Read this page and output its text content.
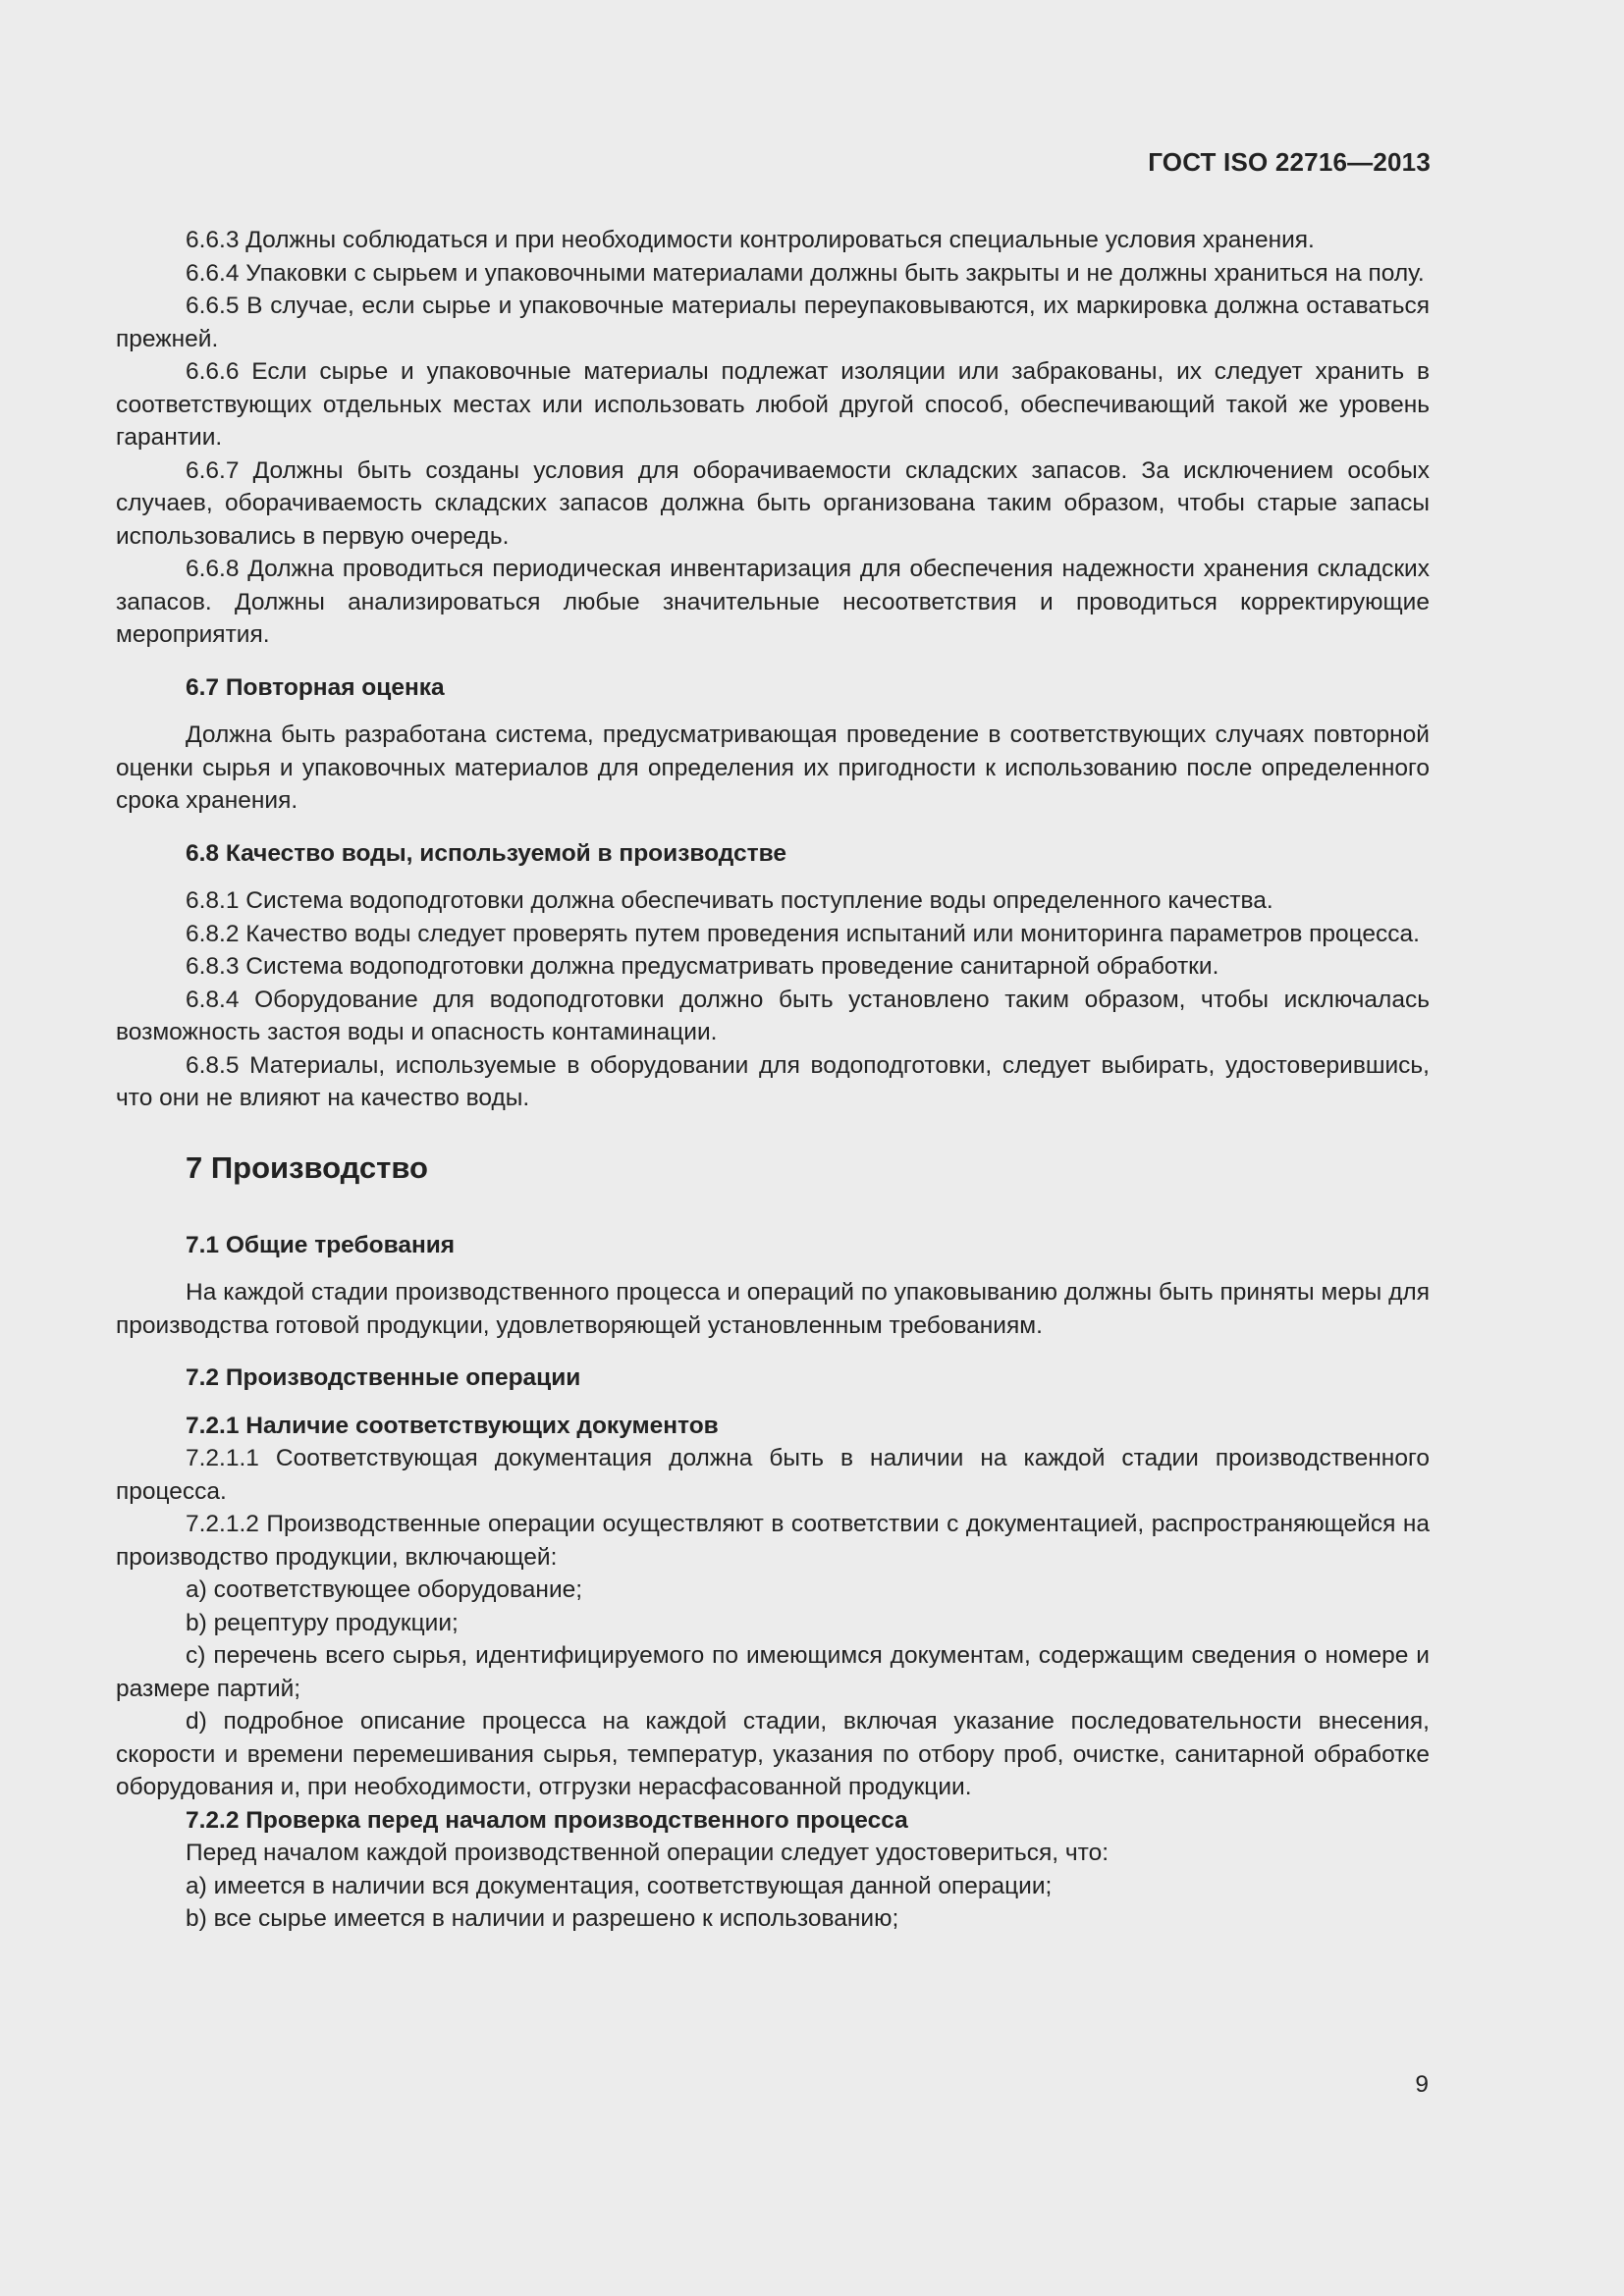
ГОСТ ISO 22716—2013

6.6.3 Должны соблюдаться и при необходимости контролироваться специальные условия хранения.

6.6.4 Упаковки с сырьем и упаковочными материалами должны быть закрыты и не должны храниться на полу.

6.6.5 В случае, если сырье и упаковочные материалы переупаковываются, их маркировка должна оставаться прежней.

6.6.6 Если сырье и упаковочные материалы подлежат изоляции или забракованы, их следует хранить в соответствующих отдельных местах или использовать любой другой способ, обеспечивающий такой же уровень гарантии.

6.6.7 Должны быть созданы условия для оборачиваемости складских запасов. За исключением особых случаев, оборачиваемость складских запасов должна быть организована таким образом, чтобы старые запасы использовались в первую очередь.

6.6.8 Должна проводиться периодическая инвентаризация для обеспечения надежности хранения складских запасов. Должны анализироваться любые значительные несоответствия и проводиться корректирующие мероприятия.

6.7 Повторная оценка

Должна быть разработана система, предусматривающая проведение в соответствующих случаях повторной оценки сырья и упаковочных материалов для определения их пригодности к использованию после определенного срока хранения.

6.8 Качество воды, используемой в производстве

6.8.1 Система водоподготовки должна обеспечивать поступление воды определенного качества.

6.8.2 Качество воды следует проверять путем проведения испытаний или мониторинга параметров процесса.

6.8.3 Система водоподготовки должна предусматривать проведение санитарной обработки.

6.8.4 Оборудование для водоподготовки должно быть установлено таким образом, чтобы исключалась возможность застоя воды и опасность контаминации.

6.8.5 Материалы, используемые в оборудовании для водоподготовки, следует выбирать, удостоверившись, что они не влияют на качество воды.

7 Производство
7.1 Общие требования

На каждой стадии производственного процесса и операций по упаковыванию должны быть приняты меры для производства готовой продукции, удовлетворяющей установленным требованиям.

7.2 Производственные операции
7.2.1 Наличие соответствующих документов

7.2.1.1 Соответствующая документация должна быть в наличии на каждой стадии производственного процесса.

7.2.1.2 Производственные операции осуществляют в соответствии с документацией, распространяющейся на производство продукции, включающей:

a) соответствующее оборудование;

b) рецептуру продукции;

c) перечень всего сырья, идентифицируемого по имеющимся документам, содержащим сведения о номере и размере партий;

d) подробное описание процесса на каждой стадии, включая указание последовательности внесения, скорости и времени перемешивания сырья, температур, указания по отбору проб, очистке, санитарной обработке оборудования и, при необходимости, отгрузки нерасфасованной продукции.

7.2.2 Проверка перед началом производственного процесса

Перед началом каждой производственной операции следует удостовериться, что:

a) имеется в наличии вся документация, соответствующая данной операции;

b) все сырье имеется в наличии и разрешено к использованию;

9
